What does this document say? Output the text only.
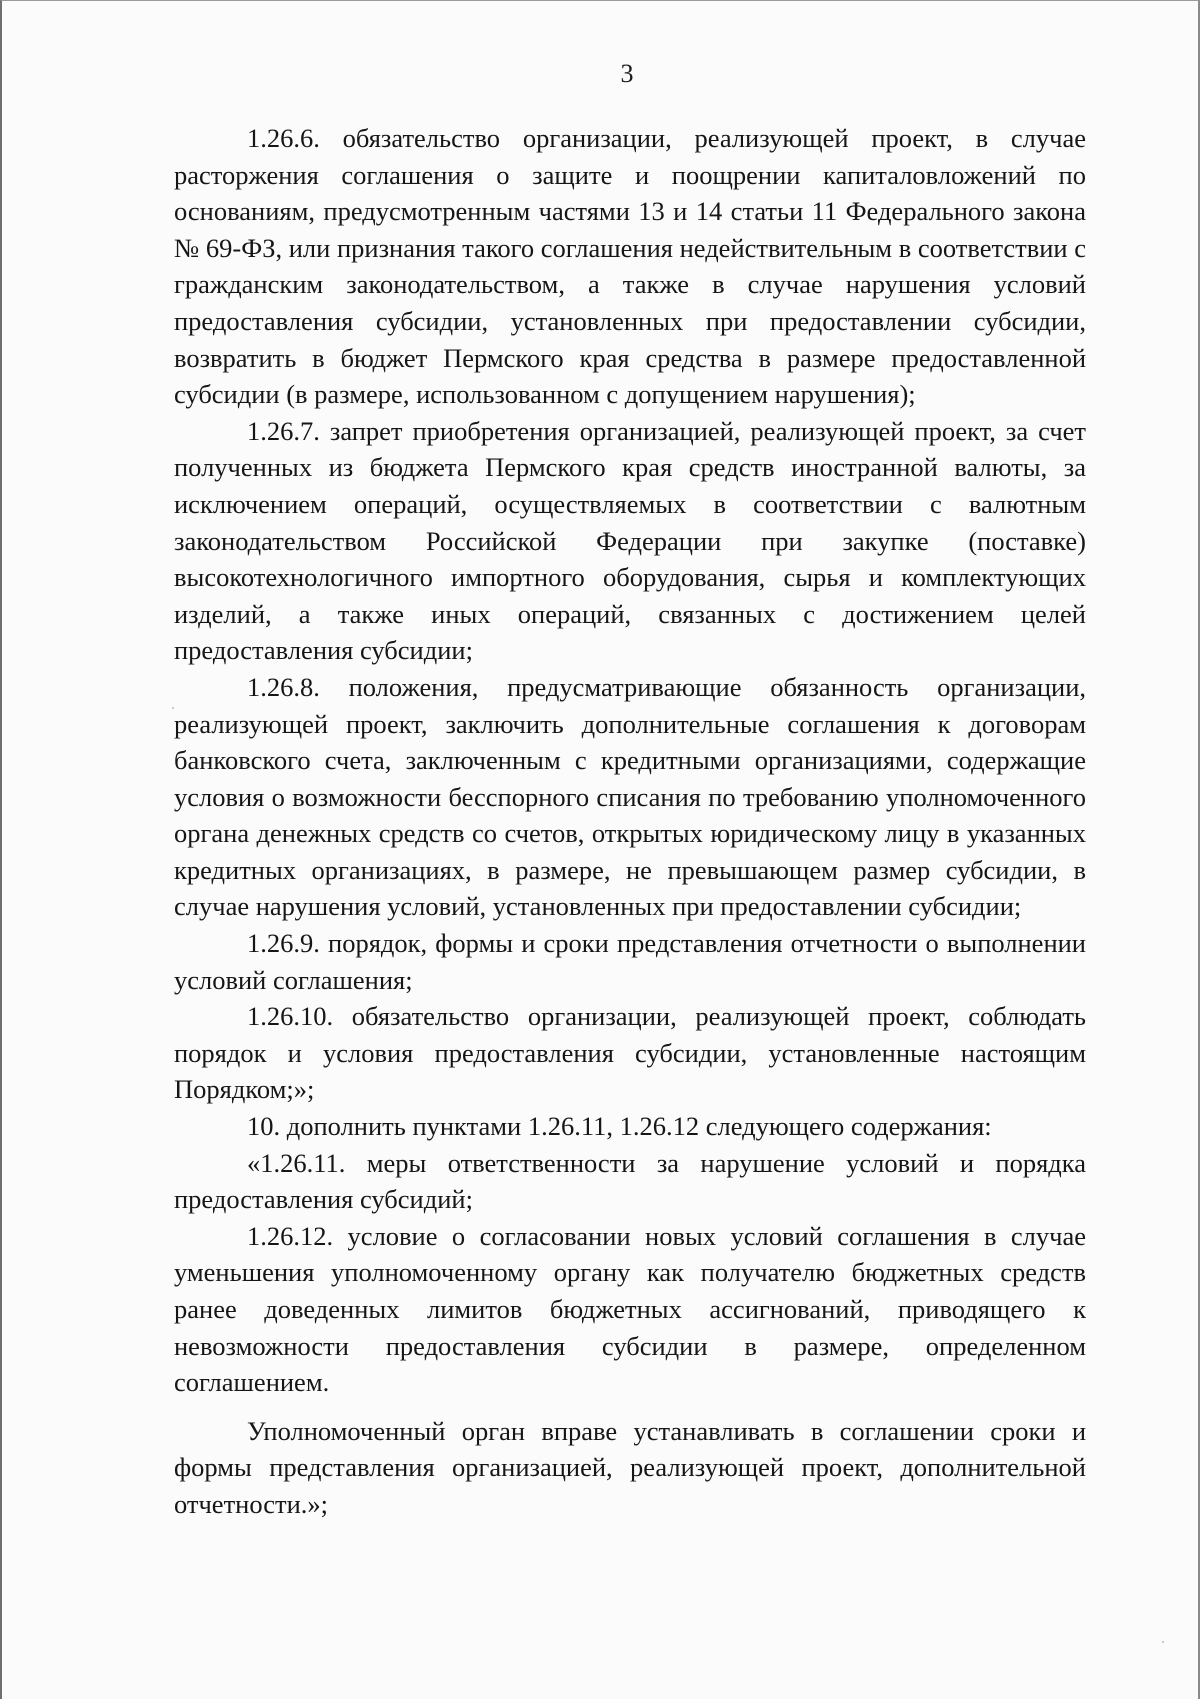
3

1.26.6. обязательство организации, реализующей проект, в случае расторжения соглашения о защите и поощрении капиталовложений по основаниям, предусмотренным частями 13 и 14 статьи 11 Федерального закона № 69-ФЗ, или признания такого соглашения недействительным в соответствии с гражданским законодательством, а также в случае нарушения условий предоставления субсидии, установленных при предоставлении субсидии, возвратить в бюджет Пермского края средства в размере предоставленной субсидии (в размере, использованном с допущением нарушения);

1.26.7. запрет приобретения организацией, реализующей проект, за счет полученных из бюджета Пермского края средств иностранной валюты, за исключением операций, осуществляемых в соответствии с валютным законодательством Российской Федерации при закупке (поставке) высокотехнологичного импортного оборудования, сырья и комплектующих изделий, а также иных операций, связанных с достижением целей предоставления субсидии;

1.26.8. положения, предусматривающие обязанность организации, реализующей проект, заключить дополнительные соглашения к договорам банковского счета, заключенным с кредитными организациями, содержащие условия о возможности бесспорного списания по требованию уполномоченного органа денежных средств со счетов, открытых юридическому лицу в указанных кредитных организациях, в размере, не превышающем размер субсидии, в случае нарушения условий, установленных при предоставлении субсидии;

1.26.9. порядок, формы и сроки представления отчетности о выполнении условий соглашения;

1.26.10. обязательство организации, реализующей проект, соблюдать порядок и условия предоставления субсидии, установленные настоящим Порядком;»;

10. дополнить пунктами 1.26.11, 1.26.12 следующего содержания:

«1.26.11. меры ответственности за нарушение условий и порядка предоставления субсидий;

1.26.12. условие о согласовании новых условий соглашения в случае уменьшения уполномоченному органу как получателю бюджетных средств ранее доведенных лимитов бюджетных ассигнований, приводящего к невозможности предоставления субсидии в размере, определенном соглашением.

Уполномоченный орган вправе устанавливать в соглашении сроки и формы представления организацией, реализующей проект, дополнительной отчетности.»;
